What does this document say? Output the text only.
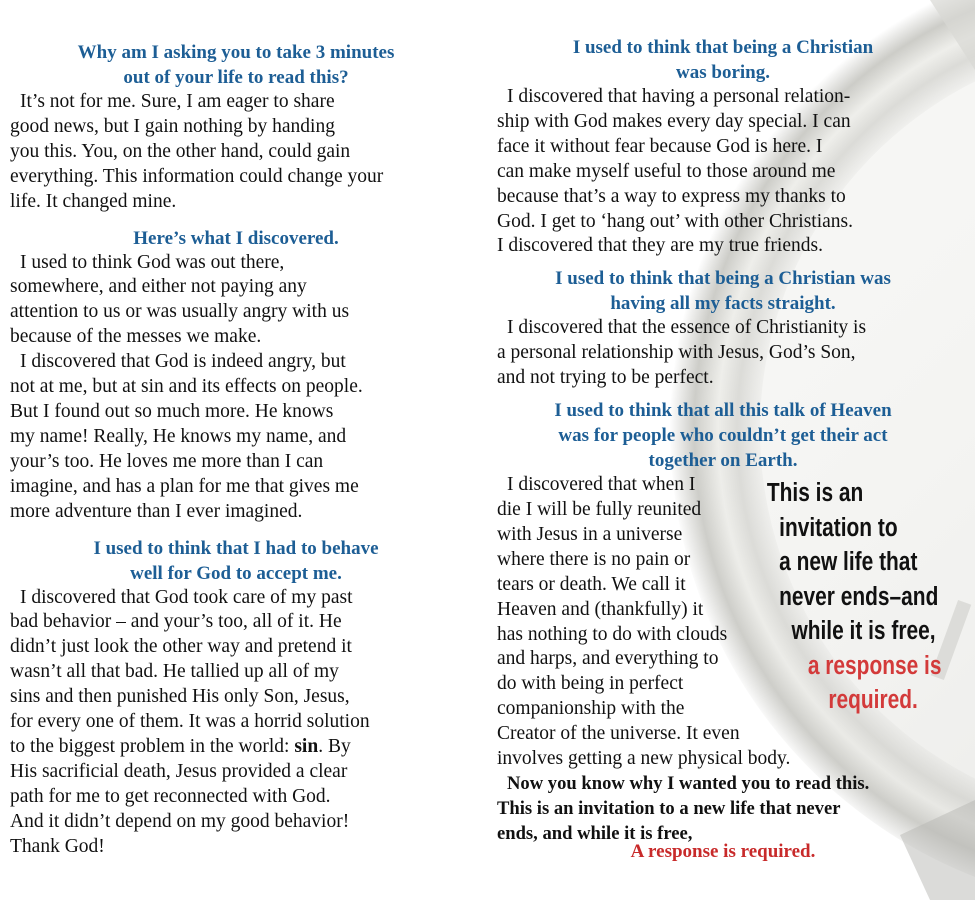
Why am I asking you to take 3 minutes
out of your life to read this?
It’s not for me. Sure, I am eager to share
good news, but I gain nothing by handing
you this. You, on the other hand, could gain
everything. This information could change your
life. It changed mine.
Here’s what I discovered.
I used to think God was out there,
somewhere, and either not paying any
attention to us or was usually angry with us
because of the messes we make.
I discovered that God is indeed angry, but
not at me, but at sin and its effects on people.
But I found out so much more. He knows
my name! Really, He knows my name, and
your’s too. He loves me more than I can
imagine, and has a plan for me that gives me
more adventure than I ever imagined.
I used to think that I had to behave
well for God to accept me.
I discovered that God took care of my past
bad behavior – and your’s too, all of it. He
didn’t just look the other way and pretend it
wasn’t all that bad. He tallied up all of my
sins and then punished His only Son, Jesus,
for every one of them. It was a horrid solution
to the biggest problem in the world: sin. By
His sacrificial death, Jesus provided a clear
path for me to get reconnected with God.
And it didn’t depend on my good behavior!
Thank God!
I used to think that being a Christian
was boring.
I discovered that having a personal relation-
ship with God makes every day special. I can
face it without fear because God is here. I
can make myself useful to those around me
because that’s a way to express my thanks to
God. I get to ‘hang out’ with other Christians.
I discovered that they are my true friends.
I used to think that being a Christian was
having all my facts straight.
I discovered that the essence of Christianity is
a personal relationship with Jesus, God’s Son,
and not trying to be perfect.
I used to think that all this talk of Heaven
was for people who couldn’t get their act
together on Earth.
I discovered that when I
die I will be fully reunited
with Jesus in a universe
where there is no pain or
tears or death. We call it
Heaven and (thankfully) it
has nothing to do with clouds
and harps, and everything to
do with being in perfect
companionship with the
Creator of the universe. It even
involves getting a new physical body.
Now you know why I wanted you to read this.
This is an invitation to a new life that never
ends, and while it is free,
A response is required.
This is an
invitation to
a new life that
never ends–and
while it is free,
a response is
required.
